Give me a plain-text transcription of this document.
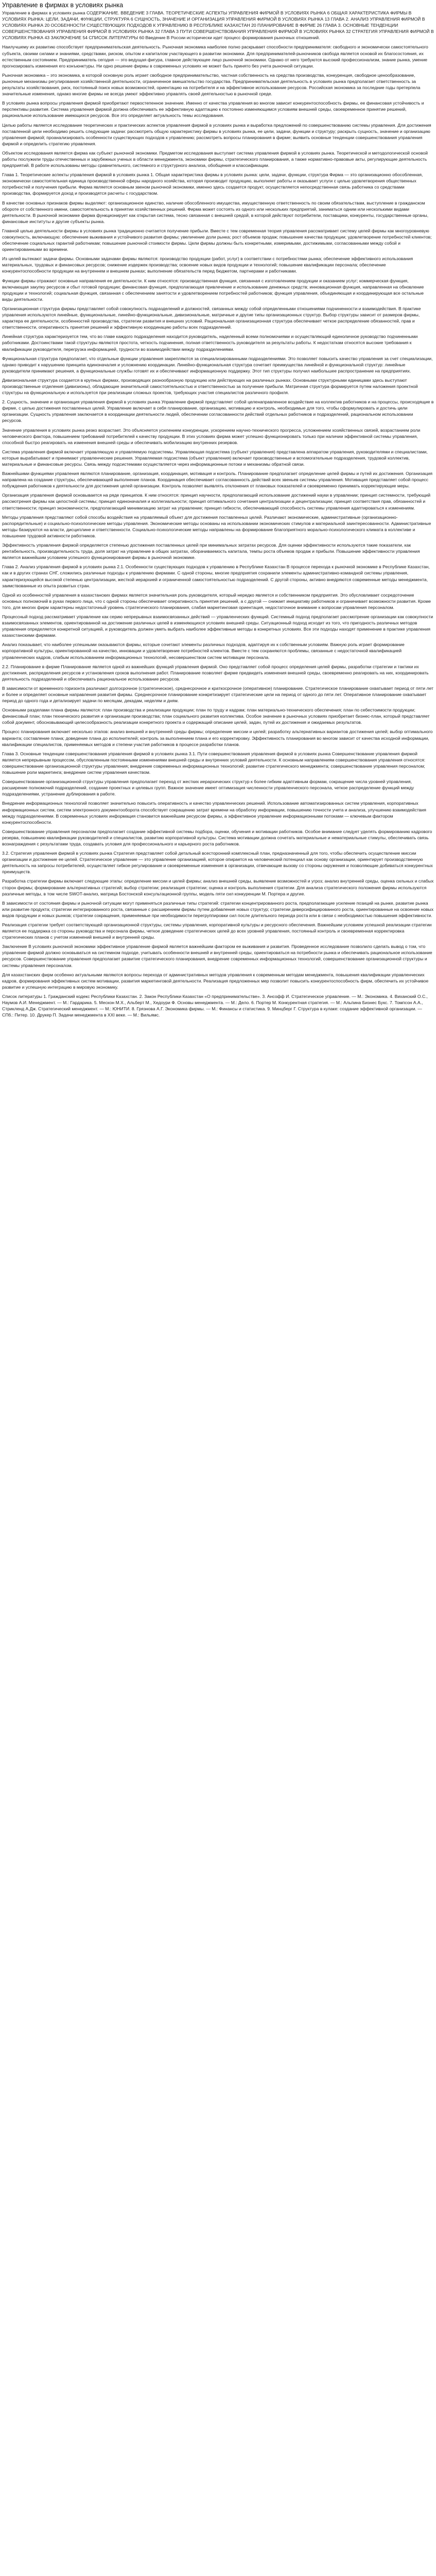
Управление в фирмах в условиях рынка

Управление в фирмах в условиях рынка СОДЕРЖАНИЕ. ВВЕДЕНИЕ 3 ГЛАВА. ТЕОРЕТИЧЕСКИЕ АСПЕКТЫ УПРАВЛЕНИЯ ФИРМОЙ В УСЛОВИЯХ РЫНКА 6 ОБЩАЯ ХАРАКТЕРИСТИКА ФИРМЫ В УСЛОВИЯХ РЫНКА: ЦЕЛИ, ЗАДАЧИ, ФУНКЦИИ, СТРУКТУРА 6 СУЩНОСТЬ, ЗНАЧЕНИЕ И ОРГАНИЗАЦИЯ УПРАВЛЕНИЯ ФИРМОЙ В УСЛОВИЯХ РЫНКА 13 ГЛАВА 2. АНАЛИЗ УПРАВЛЕНИЯ ФИРМОЙ В УСЛОВИЯХ РЫНКА 20 ОСОБЕННОСТИ СУЩЕСТВУЮЩИХ ПОДХОДОВ К УПРАВЛЕНИЮ В РЕСПУБЛИКЕ КАЗАХСТАН 20 ПЛАНИРОВАНИЕ В ФИРМЕ 26 ГЛАВА 3. ОСНОВНЫЕ ТЕНДЕНЦИИ СОВЕРШЕНСТВОВАНИЯ УПРАВЛЕНИЯ ФИРМОЙ В УСЛОВИЯХ РЫНКА 32 ГЛАВА 3 ПУТИ СОВЕРШЕНСТВОВАНИЯ УПРАВЛЕНИЯ ФИРМОЙ В УСЛОВИЯХ РЫНКА 32 СТРАТЕГИЯ УПРАВЛЕНИЯ ФИРМОЙ В УСЛОВИЯХ РЫНКА 43 ЗАКЛЮЧЕНИЕ 54 СПИСОК ЛИТЕРАТУРЫ 60 Введение В России исторически идет процесс формирования рыночных отношений.

Наилучшему их развитию способствует предпринимательская деятельность. Рыночная экономика наиболее полно раскрывает способности предпринимателя: свободного и экономически самостоятельного субъекта, своими силами и знаниями, средствами, риском, опытом и капиталом участвующего в развитии экономики. Для предпринимателей-рыночников свобода является основой их благосостояния, их естественным состоянием. Предприниматель сегодня — это ведущая фигура, главное действующее лицо рыночной экономики. Однако от него требуются высокий профессионализм, знание рынка, умение прогнозировать изменения его конъюнктуры. Ни одно решение фирмы в современных условиях не может быть принято без учета рыночной ситуации.

Рыночная экономика – это экономика, в которой основную роль играет свободное предпринимательство, частная собственность на средства производства, конкуренция, свободное ценообразование, рыночные механизмы регулирования хозяйственной деятельности, ограниченное вмешательство государства. Предпринимательская деятельность в условиях рынка предполагает ответственность за результаты хозяйствования, риск, постоянный поиск новых возможностей, ориентацию на потребителя и на эффективное использование ресурсов. Российская экономика за последние годы претерпела значительные изменения, однако многие фирмы не всегда умеют эффективно управлять своей деятельностью в рыночной среде.

В условиях рынка вопросы управления фирмой приобретают первостепенное значение. Именно от качества управления во многом зависит конкурентоспособность фирмы, ее финансовая устойчивость и перспективы развития. Система управления фирмой должна обеспечивать ее эффективную адаптацию к постоянно изменяющимся условиям внешней среды, своевременное принятие решений, рациональное использование имеющихся ресурсов. Все это определяет актуальность темы исследования.

Целью работы является исследование теоретических и практических аспектов управления фирмой в условиях рынка и выработка предложений по совершенствованию системы управления. Для достижения поставленной цели необходимо решить следующие задачи: рассмотреть общую характеристику фирмы в условиях рынка, ее цели, задачи, функции и структуру; раскрыть сущность, значение и организацию управления фирмой; проанализировать особенности существующих подходов к управлению; рассмотреть вопросы планирования в фирме; выявить основные тенденции совершенствования управления фирмой и определить стратегию управления.

Объектом исследования является фирма как субъект рыночной экономики. Предметом исследования выступает система управления фирмой в условиях рынка. Теоретической и методологической основой работы послужили труды отечественных и зарубежных ученых в области менеджмента, экономики фирмы, стратегического планирования, а также нормативно-правовые акты, регулирующие деятельность предприятий. В работе использованы методы сравнительного, системного и структурного анализа, обобщения и классификации.

Глава 1. Теоретические аспекты управления фирмой в условиях рынка 1. Общая характеристика фирмы в условиях рынка: цели, задачи, функции, структура Фирма — это организационно обособленная, экономически самостоятельная единица производственной сферы народного хозяйства, которая производит продукцию, выполняет работы и оказывает услуги с целью удовлетворения общественных потребностей и получения прибыли. Фирма является основным звеном рыночной экономики, именно здесь создается продукт, осуществляется непосредственная связь работника со средствами производства, формируется доход и производятся расчеты с государством.

В качестве основных признаков фирмы выделяют: организационное единство, наличие обособленного имущества, имущественную ответственность по своим обязательствам, выступление в гражданском обороте от собственного имени, самостоятельность в принятии хозяйственных решений. Фирма может состоять из одного или нескольких предприятий, заниматься одним или несколькими видами деятельности. В рыночной экономике фирма функционирует как открытая система, тесно связанная с внешней средой, в которой действуют потребители, поставщики, конкуренты, государственные органы, финансовые институты и другие субъекты рынка.

Главной целью деятельности фирмы в условиях рынка традиционно считается получение прибыли. Вместе с тем современная теория управления рассматривает систему целей фирмы как многоуровневую совокупность, включающую: обеспечение выживания и устойчивого развития фирмы; увеличение доли рынка; рост объемов продаж; повышение качества продукции; удовлетворение потребностей клиентов; обеспечение социальных гарантий работникам; повышение рыночной стоимости фирмы. Цели фирмы должны быть конкретными, измеримыми, достижимыми, согласованными между собой и ориентированными во времени.

Из целей вытекают задачи фирмы. Основными задачами фирмы являются: производство продукции (работ, услуг) в соответствии с потребностями рынка; обеспечение эффективного использования материальных, трудовых и финансовых ресурсов; снижение издержек производства; освоение новых видов продукции и технологий; повышение квалификации персонала; обеспечение конкурентоспособности продукции на внутреннем и внешнем рынках; выполнение обязательств перед бюджетом, партнерами и работниками.

Функции фирмы отражают основные направления ее деятельности. К ним относятся: производственная функция, связанная с изготовлением продукции и оказанием услуг; коммерческая функция, включающая закупку ресурсов и сбыт готовой продукции; финансовая функция, предполагающая привлечение и использование денежных средств; инновационная функция, направленная на обновление продукции и технологий; социальная функция, связанная с обеспечением занятости и удовлетворением потребностей работников; функция управления, объединяющая и координирующая все остальные виды деятельности.

Организационная структура фирмы представляет собой совокупность подразделений и должностей, связанных между собой определенными отношениями подчиненности и взаимодействия. В практике управления используются линейные, функциональные, линейно-функциональные, дивизиональные, матричные и другие типы организационных структур. Выбор структуры зависит от размеров фирмы, характера ее деятельности, особенностей производства, стратегии развития и внешних условий. Рациональная организационная структура обеспечивает четкое распределение обязанностей, прав и ответственности, оперативность принятия решений и эффективную координацию работы всех подразделений.

Линейная структура характеризуется тем, что во главе каждого подразделения находится руководитель, наделенный всеми полномочиями и осуществляющий единоличное руководство подчиненными работниками. Достоинствами такой структуры являются простота, четкость подчинения, полная ответственность руководителя за результаты работы. К недостаткам относятся высокие требования к квалификации руководителя, перегрузка информацией, трудности во взаимодействии между подразделениями.

Функциональная структура предполагает, что отдельные функции управления закрепляются за специализированными подразделениями. Это позволяет повысить качество управления за счет специализации, однако приводит к нарушению принципа единоначалия и усложнению координации. Линейно-функциональная структура сочетает преимущества линейной и функциональной структур: линейные руководители принимают решения, а функциональные службы готовят их и обеспечивают информационную поддержку. Этот тип структуры получил наибольшее распространение на предприятиях.

Дивизиональная структура создается в крупных фирмах, производящих разнообразную продукцию или действующих на различных рынках. Основными структурными единицами здесь выступают производственные отделения (дивизионы), обладающие значительной самостоятельностью и ответственностью за получение прибыли. Матричная структура формируется путем наложения проектной структуры на функциональную и используется при реализации сложных проектов, требующих участия специалистов различного профиля.

2. Сущность, значение и организация управления фирмой в условиях рынка Управление фирмой представляет собой целенаправленное воздействие на коллектив работников и на процессы, происходящие в фирме, с целью достижения поставленных целей. Управление включает в себя планирование, организацию, мотивацию и контроль, необходимые для того, чтобы сформулировать и достичь цели организации. Сущность управления заключается в координации деятельности людей, обеспечении согласованности действий отдельных работников и подразделений, рациональном использовании ресурсов.

Значение управления в условиях рынка резко возрастает. Это объясняется усилением конкуренции, ускорением научно-технического прогресса, усложнением хозяйственных связей, возрастанием роли человеческого фактора, повышением требований потребителей к качеству продукции. В этих условиях фирма может успешно функционировать только при наличии эффективной системы управления, способной быстро реагировать на изменения внешней среды и обеспечивать мобилизацию внутренних резервов.

Система управления фирмой включает управляющую и управляемую подсистемы. Управляющая подсистема (субъект управления) представлена аппаратом управления, руководителями и специалистами, которые вырабатывают и принимают управленческие решения. Управляемая подсистема (объект управления) включает производственные и вспомогательные подразделения, трудовой коллектив, материальные и финансовые ресурсы. Связь между подсистемами осуществляется через информационные потоки и механизмы обратной связи.

Важнейшими функциями управления являются планирование, организация, координация, мотивация и контроль. Планирование предполагает определение целей фирмы и путей их достижения. Организация направлена на создание структуры, обеспечивающей выполнение планов. Координация обеспечивает согласованность действий всех звеньев системы управления. Мотивация представляет собой процесс побуждения работников к деятельности для достижения целей организации. Контроль позволяет выявлять отклонения от плановых показателей и своевременно принимать корректирующие меры.

Организация управления фирмой основывается на ряде принципов. К ним относятся: принцип научности, предполагающий использование достижений науки в управлении; принцип системности, требующий рассмотрения фирмы как целостной системы; принцип единоначалия и коллегиальности; принцип оптимального сочетания централизации и децентрализации; принцип соответствия прав, обязанностей и ответственности; принцип экономичности, предполагающий минимизацию затрат на управление; принцип гибкости, обеспечивающий способность системы управления адаптироваться к изменениям.

Методы управления представляют собой способы воздействия на управляемый объект для достижения поставленных целей. Различают экономические, административные (организационно-распорядительные) и социально-психологические методы управления. Экономические методы основаны на использовании экономических стимулов и материальной заинтересованности. Административные методы базируются на власти, дисциплине и ответственности. Социально-психологические методы направлены на формирование благоприятного морально-психологического климата в коллективе и повышение трудовой активности работников.

Эффективность управления фирмой определяется степенью достижения поставленных целей при минимальных затратах ресурсов. Для оценки эффективности используются такие показатели, как рентабельность, производительность труда, доля затрат на управление в общих затратах, оборачиваемость капитала, темпы роста объемов продаж и прибыли. Повышение эффективности управления является важнейшим условием успешного функционирования фирмы в рыночной экономике.

Глава 2. Анализ управления фирмой в условиях рынка 2.1. Особенности существующих подходов к управлению в Республике Казахстан В процессе перехода к рыночной экономике в Республике Казахстан, как и в других странах СНГ, сложились различные подходы к управлению фирмами. С одной стороны, многие предприятия сохранили элементы административно-командной системы управления, характеризующейся высокой степенью централизации, жесткой иерархией и ограниченной самостоятельностью подразделений. С другой стороны, активно внедряются современные методы менеджмента, заимствованные из опыта развитых стран.

Одной из особенностей управления в казахстанских фирмах является значительная роль руководителя, который нередко является и собственником предприятия. Это обусловливает сосредоточение основных полномочий в руках первого лица, что с одной стороны обеспечивает оперативность принятия решений, а с другой — снижает инициативу работников и ограничивает возможности развития. Кроме того, для многих фирм характерны недостаточный уровень стратегического планирования, слабая маркетинговая ориентация, недостаточное внимание к вопросам управления персоналом.

Процессный подход рассматривает управление как серию непрерывных взаимосвязанных действий — управленческих функций. Системный подход предполагает рассмотрение организации как совокупности взаимосвязанных элементов, ориентированной на достижение различных целей в изменяющихся условиях внешней среды. Ситуационный подход исходит из того, что пригодность различных методов управления определяется конкретной ситуацией, и руководитель должен уметь выбрать наиболее эффективные методы в конкретных условиях. Все эти подходы находят применение в практике управления казахстанскими фирмами.

Анализ показывает, что наиболее успешными оказываются фирмы, которые сочетают элементы различных подходов, адаптируя их к собственным условиям. Важную роль играет формирование корпоративной культуры, ориентированной на качество, инновации и удовлетворение потребностей клиентов. Вместе с тем сохраняются проблемы, связанные с недостаточной квалификацией управленческих кадров, слабым использованием информационных технологий, несовершенством систем мотивации персонала.

2.2. Планирование в фирме Планирование является одной из важнейших функций управления фирмой. Оно представляет собой процесс определения целей фирмы, разработки стратегии и тактики их достижения, распределения ресурсов и установления сроков выполнения работ. Планирование позволяет фирме предвидеть изменения внешней среды, своевременно реагировать на них, координировать деятельность подразделений и обеспечивать рациональное использование ресурсов.

В зависимости от временного горизонта различают долгосрочное (стратегическое), среднесрочное и краткосрочное (оперативное) планирование. Стратегическое планирование охватывает период от пяти лет и более и определяет основные направления развития фирмы. Среднесрочное планирование конкретизирует стратегические цели на период от одного до пяти лет. Оперативное планирование охватывает период до одного года и детализирует задачи по месяцам, декадам, неделям и дням.

Основными разделами плана фирмы являются: план производства и реализации продукции; план по труду и кадрам; план материально-технического обеспечения; план по себестоимости продукции; финансовый план; план технического развития и организации производства; план социального развития коллектива. Особое значение в рыночных условиях приобретает бизнес-план, который представляет собой документ, обосновывающий целесообразность реализации конкретного проекта и содержащий описание целей, задач, путей их достижения и ожидаемых результатов.

Процесс планирования включает несколько этапов: анализ внешней и внутренней среды фирмы; определение миссии и целей; разработку альтернативных вариантов достижения целей; выбор оптимального варианта; составление плана; доведение плана до исполнителей; контроль за выполнением плана и его корректировку. Эффективность планирования во многом зависит от качества исходной информации, квалификации специалистов, применяемых методов и степени участия работников в процессе разработки планов.

Глава 3. Основные тенденции совершенствования управления фирмой в условиях рынка 3.1. Пути совершенствования управления фирмой в условиях рынка Совершенствование управления фирмой является непрерывным процессом, обусловленным постоянными изменениями внешней среды и внутренних условий деятельности. К основным направлениям совершенствования управления относятся: совершенствование организационной структуры управления; внедрение современных информационных технологий; развитие стратегического менеджмента; совершенствование управления персоналом; повышение роли маркетинга; внедрение систем управления качеством.

Совершенствование организационной структуры управления предполагает переход от жестких иерархических структур к более гибким адаптивным формам, сокращение числа уровней управления, расширение полномочий подразделений, создание проектных и целевых групп. Важное значение имеет оптимизация численности управленческого персонала, четкое распределение функций между подразделениями, устранение дублирования в работе.

Внедрение информационных технологий позволяет значительно повысить оперативность и качество управленческих решений. Использование автоматизированных систем управления, корпоративных информационных систем, систем электронного документооборота способствует сокращению затрат времени на обработку информации, повышению точности учета и анализа, улучшению взаимодействия между подразделениями. В современных условиях информация становится важнейшим ресурсом фирмы, а эффективное управление информационными потоками — ключевым фактором конкурентоспособности.

Совершенствование управления персоналом предполагает создание эффективной системы подбора, оценки, обучения и мотивации работников. Особое внимание следует уделять формированию кадрового резерва, повышению квалификации руководителей и специалистов, развитию корпоративной культуры. Система мотивации должна сочетать материальные и нематериальные стимулы, обеспечивать связь вознаграждения с результатами труда, создавать условия для профессионального и карьерного роста работников.

3.2. Стратегия управления фирмой в условиях рынка Стратегия представляет собой детальный всесторонний комплексный план, предназначенный для того, чтобы обеспечить осуществление миссии организации и достижение ее целей. Стратегическое управление — это управление организацией, которое опирается на человеческий потенциал как основу организации, ориентирует производственную деятельность на запросы потребителей, осуществляет гибкое регулирование и своевременные изменения в организации, отвечающие вызову со стороны окружения и позволяющие добиваться конкурентных преимуществ.

Разработка стратегии фирмы включает следующие этапы: определение миссии и целей фирмы; анализ внешней среды, выявление возможностей и угроз; анализ внутренней среды, оценка сильных и слабых сторон фирмы; формирование альтернативных стратегий; выбор стратегии; реализация стратегии; оценка и контроль выполнения стратегии. Для анализа стратегического положения фирмы используются различные методы, в том числе SWOT-анализ, матрица Бостонской консультационной группы, модель пяти сил конкуренции М. Портера и другие.

В зависимости от состояния фирмы и рыночной ситуации могут применяться различные типы стратегий: стратегии концентрированного роста, предполагающие усиление позиций на рынке, развитие рынка или развитие продукта; стратегии интегрированного роста, связанные с расширением фирмы путем добавления новых структур; стратегии диверсифицированного роста, ориентированные на освоение новых видов продукции и новых рынков; стратегии сокращения, применяемые при необходимости перегруппировки сил после длительного периода роста или в связи с необходимостью повышения эффективности.

Реализация стратегии требует соответствующей организационной структуры, системы управления, корпоративной культуры и ресурсного обеспечения. Важнейшим условием успешной реализации стратегии является ее поддержка со стороны руководства и персонала фирмы, четкое доведение стратегических целей до всех уровней управления, постоянный контроль и своевременная корректировка стратегических планов с учетом изменений внешней и внутренней среды.

Заключение В условиях рыночной экономики эффективное управление фирмой является важнейшим фактором ее выживания и развития. Проведенное исследование позволило сделать вывод о том, что управление фирмой должно основываться на системном подходе, учитывать особенности внешней и внутренней среды, ориентироваться на потребности рынка и обеспечивать рациональное использование ресурсов. Совершенствование управления предполагает развитие стратегического планирования, внедрение современных информационных технологий, совершенствование организационной структуры и системы управления персоналом.

Для казахстанских фирм особенно актуальными являются вопросы перехода от административных методов управления к современным методам менеджмента, повышения квалификации управленческих кадров, формирования эффективных систем мотивации, развития маркетинговой деятельности. Реализация предложенных мер позволит повысить конкурентоспособность фирм, обеспечить их устойчивое развитие и успешную интеграцию в мировую экономику.

Список литературы 1. Гражданский кодекс Республики Казахстан. 2. Закон Республики Казахстан «О предпринимательстве». 3. Ансофф И. Стратегическое управление. — М.: Экономика. 4. Виханский О.С., Наумов А.И. Менеджмент. — М.: Гардарика. 5. Мескон М.Х., Альберт М., Хедоури Ф. Основы менеджмента. — М.: Дело. 6. Портер М. Конкурентная стратегия. — М.: Альпина Бизнес Букс. 7. Томпсон А.А., Стрикленд А.Дж. Стратегический менеджмент. — М.: ЮНИТИ. 8. Грязнова А.Г. Экономика фирмы. — М.: Финансы и статистика. 9. Минцберг Г. Структура в кулаке: создание эффективной организации. — СПб.: Питер. 10. Друкер П. Задачи менеджмента в XXI веке. — М.: Вильямс.
